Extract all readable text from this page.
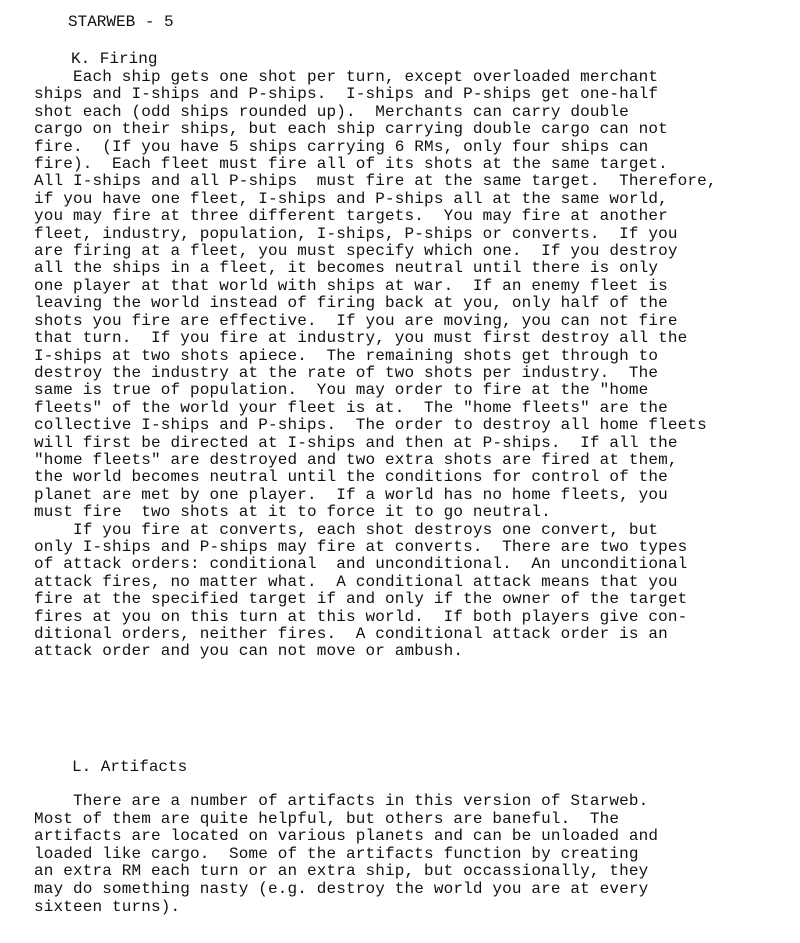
STARWEB - 5
K. Firing
Each ship gets one shot per turn, except overloaded merchant
ships and I-ships and P-ships.  I-ships and P-ships get one-half
shot each (odd ships rounded up).  Merchants can carry double
cargo on their ships, but each ship carrying double cargo can not
fire.  (If you have 5 ships carrying 6 RMs, only four ships can
fire).  Each fleet must fire all of its shots at the same target.
All I-ships and all P-ships  must fire at the same target.  Therefore,
if you have one fleet, I-ships and P-ships all at the same world,
you may fire at three different targets.  You may fire at another
fleet, industry, population, I-ships, P-ships or converts.  If you
are firing at a fleet, you must specify which one.  If you destroy
all the ships in a fleet, it becomes neutral until there is only
one player at that world with ships at war.  If an enemy fleet is
leaving the world instead of firing back at you, only half of the
shots you fire are effective.  If you are moving, you can not fire
that turn.  If you fire at industry, you must first destroy all the
I-ships at two shots apiece.  The remaining shots get through to
destroy the industry at the rate of two shots per industry.  The
same is true of population.  You may order to fire at the "home
fleets" of the world your fleet is at.  The "home fleets" are the
collective I-ships and P-ships.  The order to destroy all home fleets
will first be directed at I-ships and then at P-ships.  If all the
"home fleets" are destroyed and two extra shots are fired at them,
the world becomes neutral until the conditions for control of the
planet are met by one player.  If a world has no home fleets, you
must fire  two shots at it to force it to go neutral.
If you fire at converts, each shot destroys one convert, but
only I-ships and P-ships may fire at converts.  There are two types
of attack orders: conditional  and unconditional.  An unconditional
attack fires, no matter what.  A conditional attack means that you
fire at the specified target if and only if the owner of the target
fires at you on this turn at this world.  If both players give con-
ditional orders, neither fires.  A conditional attack order is an
attack order and you can not move or ambush.
L. Artifacts
There are a number of artifacts in this version of Starweb.
Most of them are quite helpful, but others are baneful.  The
artifacts are located on various planets and can be unloaded and
loaded like cargo.  Some of the artifacts function by creating
an extra RM each turn or an extra ship, but occassionally, they
may do something nasty (e.g. destroy the world you are at every
sixteen turns).
